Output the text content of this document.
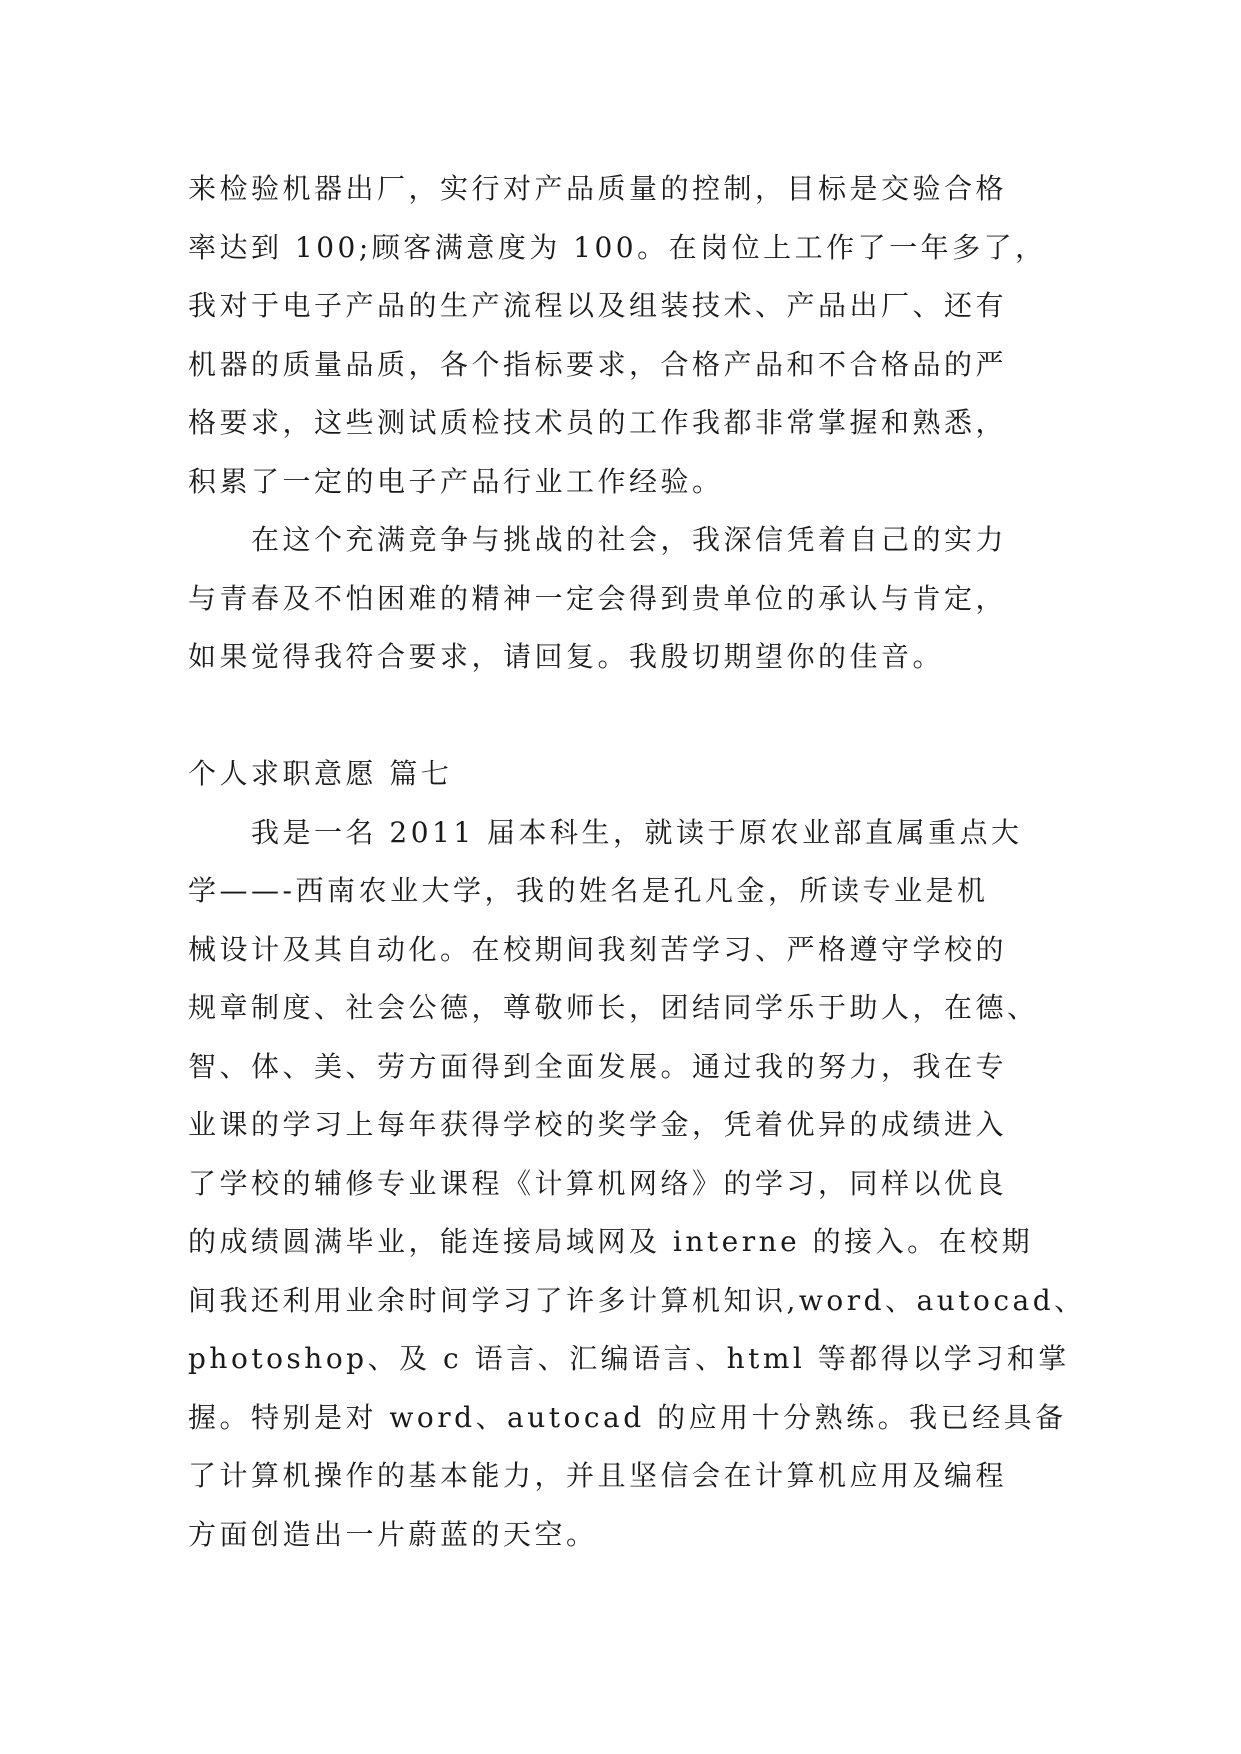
来检验机器出厂，实行对产品质量的控制，目标是交验合格
率达到 100;顾客满意度为 100。在岗位上工作了一年多了，
我对于电子产品的生产流程以及组装技术、产品出厂、还有
机器的质量品质，各个指标要求，合格产品和不合格品的严
格要求，这些测试质检技术员的工作我都非常掌握和熟悉，
积累了一定的电子产品行业工作经验。
　　在这个充满竞争与挑战的社会，我深信凭着自己的实力
与青春及不怕困难的精神一定会得到贵单位的承认与肯定，
如果觉得我符合要求，请回复。我殷切期望你的佳音。
个人求职意愿 篇七
　　我是一名 2011 届本科生，就读于原农业部直属重点大
学——-西南农业大学，我的姓名是孔凡金，所读专业是机
械设计及其自动化。在校期间我刻苦学习、严格遵守学校的
规章制度、社会公德，尊敬师长，团结同学乐于助人，在德、
智、体、美、劳方面得到全面发展。通过我的努力，我在专
业课的学习上每年获得学校的奖学金，凭着优异的成绩进入
了学校的辅修专业课程《计算机网络》的学习，同样以优良
的成绩圆满毕业，能连接局域网及 interne 的接入。在校期
间我还利用业余时间学习了许多计算机知识,word、autocad、
photoshop、及 c 语言、汇编语言、html 等都得以学习和掌
握。特别是对 word、autocad 的应用十分熟练。我已经具备
了计算机操作的基本能力，并且坚信会在计算机应用及编程
方面创造出一片蔚蓝的天空。
